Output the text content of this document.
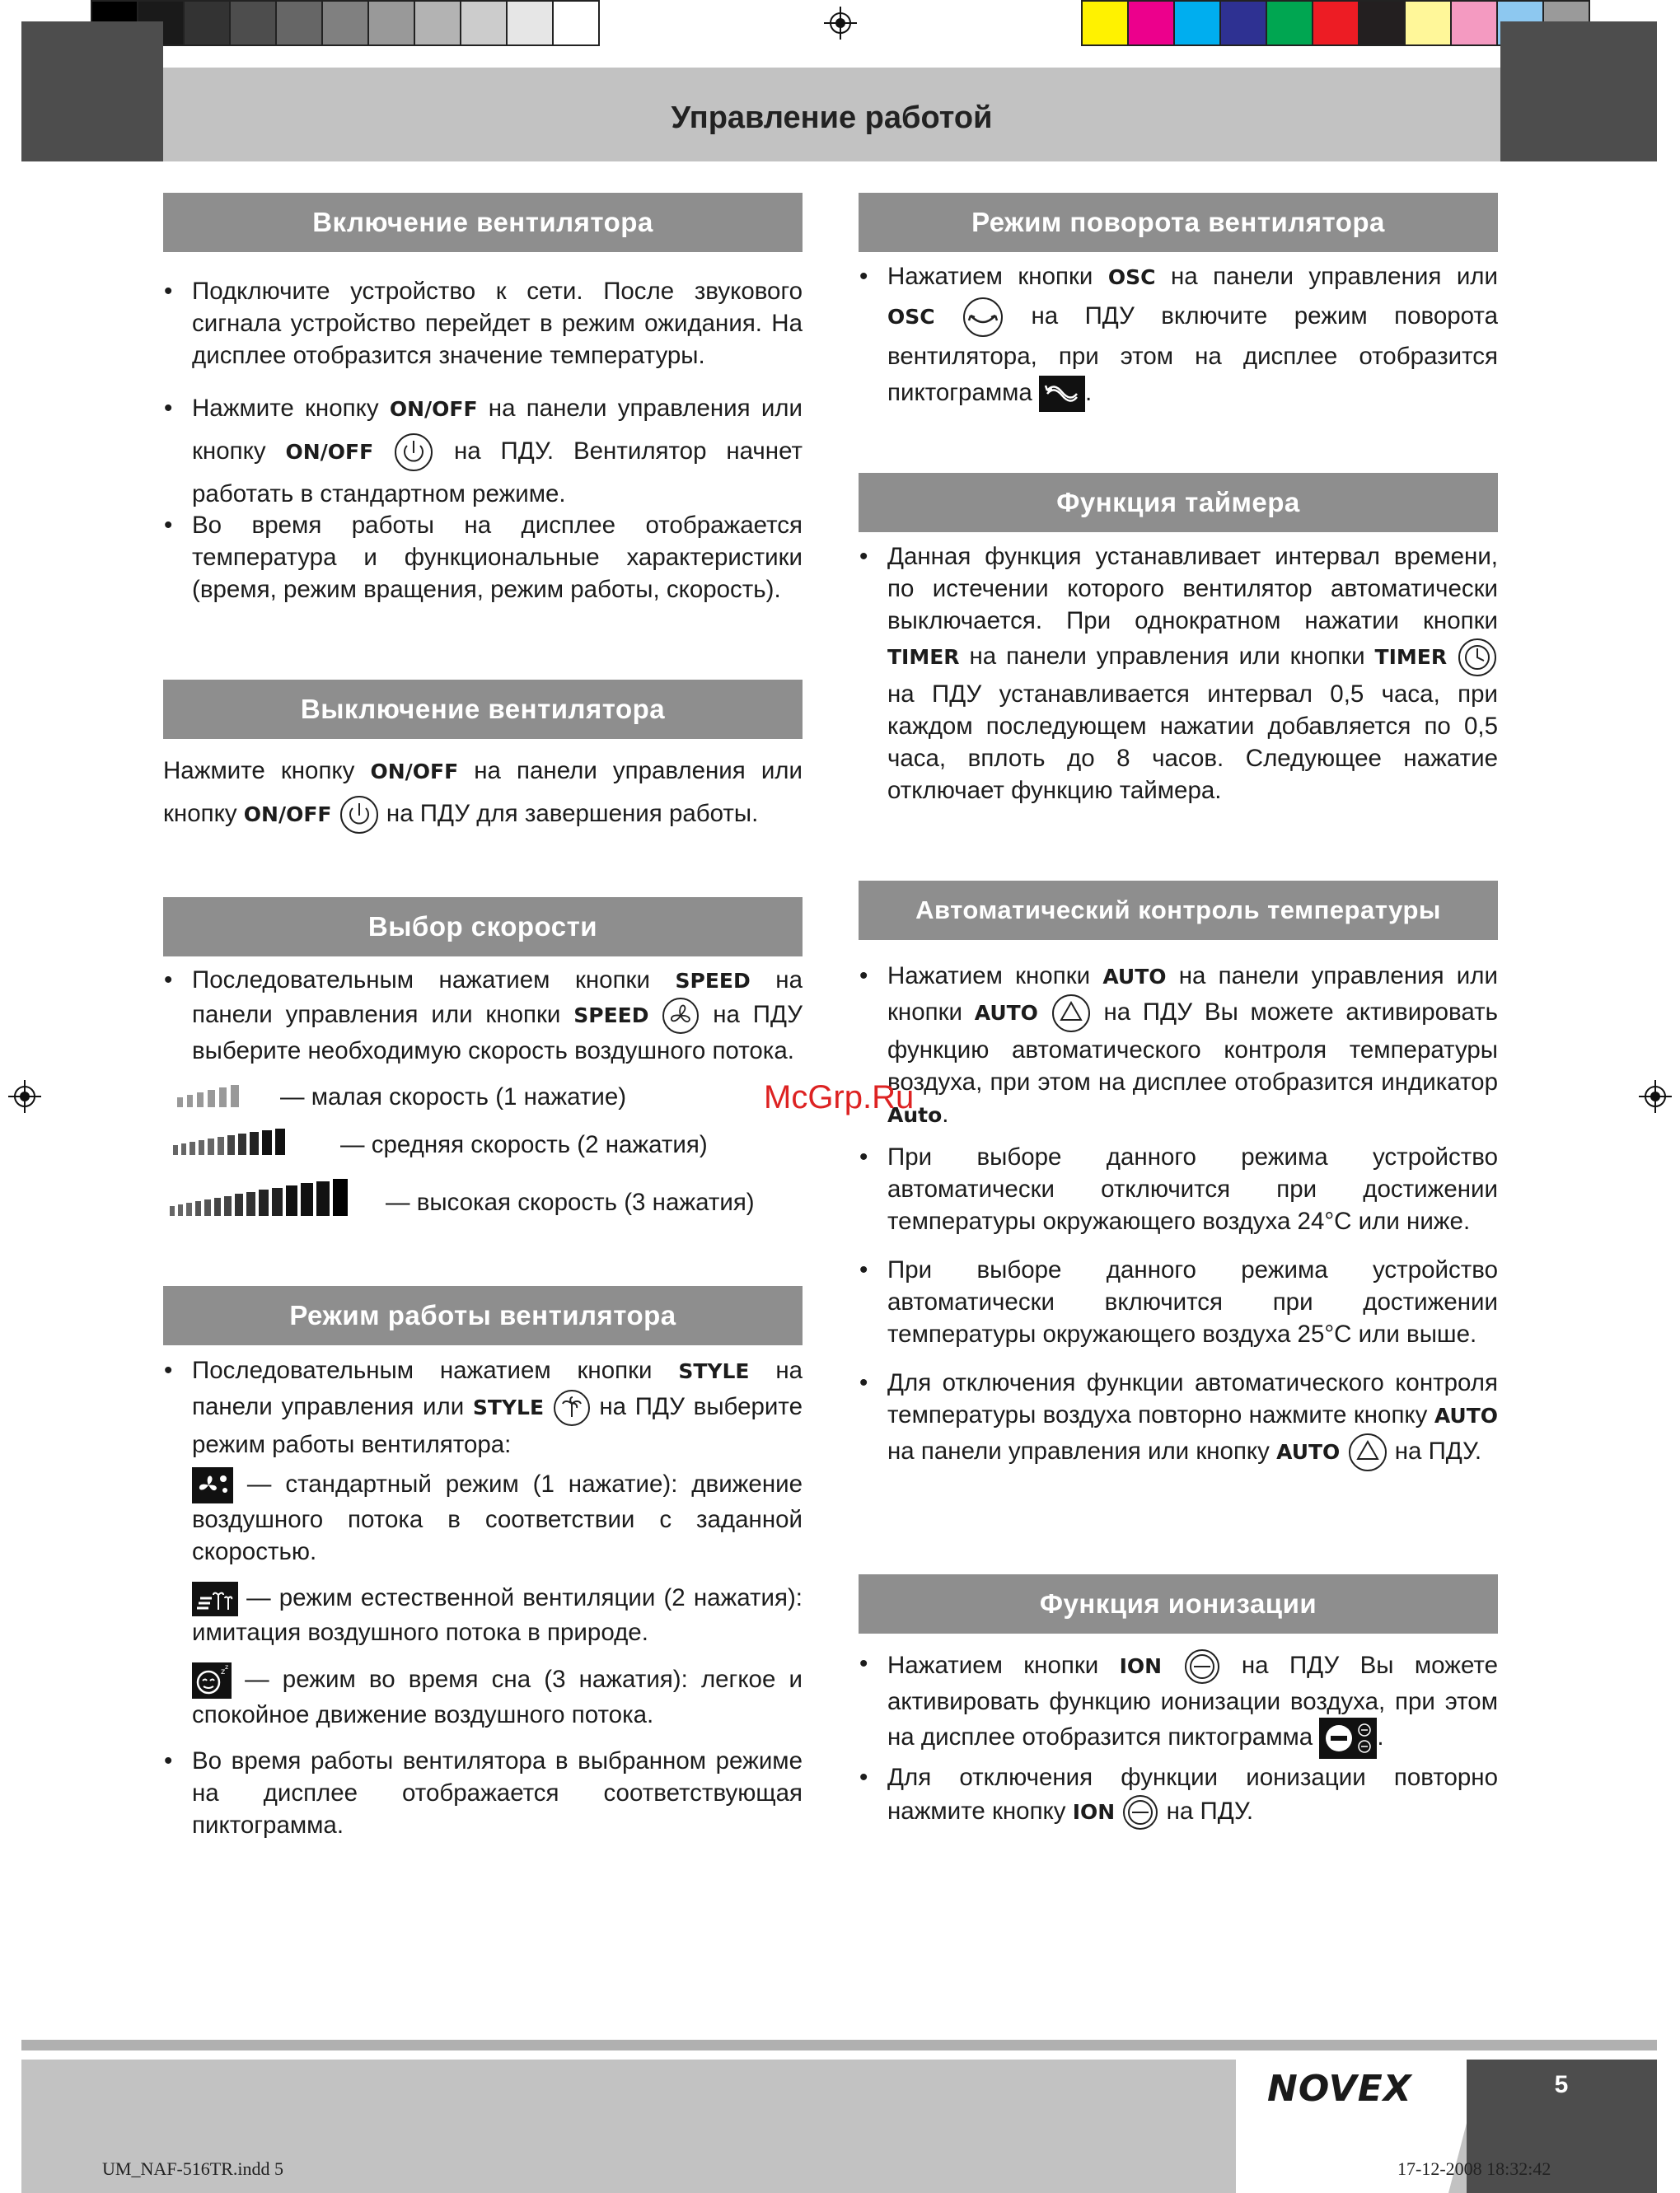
Управление работой
Включение вентилятора
• Подключите устройство к сети. После звукового сигнала устройство перейдет в режим ожидания. На дисплее отобразится значение температуры.
• Нажмите кнопку ON/OFF на панели управления или кнопку ON/OFF	на ПДУ. Вентилятор начнет работать в стандартном режиме.
• Во время работы на дисплее отображается температура и функциональные характеристики (время, режим вращения, режим работы, скорость).
Выключение вентилятора
Нажмите кнопку ON/OFF на панели управления или кнопку ON/OFF на ПДУ для завершения работы.
Выбор скорости
• Последовательным нажатием кнопки SPEED на панели управления или кнопки SPEED	на ПДУ выберите необходимую скорость воздушного потока.
— малая скорость (1 нажатие)
— средняя скорость (2 нажатия)
— высокая скорость (3 нажатия)
Режим работы вентилятора
• Последовательным нажатием кнопки STYLE на панели управления или STYLE на ПДУ выберите режим работы вентилятора:
— стандартный режим (1 нажатие): движение воздушного потока в соответствии с заданной скоростью.
— режим естественной вентиляции (2 нажатия): имитация воздушного потока в природе.
z
z — режим во время сна (3 нажатия): легкое и спокойное движение воздушного потока.
• Во время работы вентилятора в выбранном режиме на дисплее отображается соответствующая пиктограмма.
Режим поворота вентилятора
• Нажатием кнопки OSC на панели управления или OSC	на ПДУ включите режим поворота вентилятора, при этом на дисплее отобразится пиктограмма .
Функция таймера
• Данная функция устанавливает интервал времени, по истечении которого вентилятор автоматически выключается. При однократном нажатии кнопки TIMER на панели управления или кнопки TIMER  на ПДУ устанавливается интервал 0,5 часа, при каждом последующем нажатии добавляется по 0,5 часа, вплоть до 8 часов. Следующее нажатие отключает функцию таймера.
Автоматический контроль температуры
• Нажатием кнопки AUTO на панели управления или кнопки AUTO	на ПДУ Вы можете активировать функцию автоматического контроля температуры воздуха, при этом на дисплее отобразится индикатор Auto.
• При выборе данного режима устройство автоматически отключится при достижении температуры окружающего воздуха 24°C или ниже.
• При выборе данного режима устройство автоматически включится при достижении температуры окружающего воздуха 25°C или выше.
• Для отключения функции автоматического контроля температуры воздуха повторно нажмите кнопку AUTO на панели управления или кнопку AUTO на ПДУ.
Функция ионизации
• Нажатием кнопки ION	на ПДУ Вы можете активировать функцию ионизации воздуха, при этом на дисплее отобразится пиктограмма	.
• Для отключения функции ионизации повторно нажмите кнопку ION на ПДУ.
McGrp.Ru
NOVEX	5
UM_NAF-516TR.indd 5	17-12-2008 18:32:42
